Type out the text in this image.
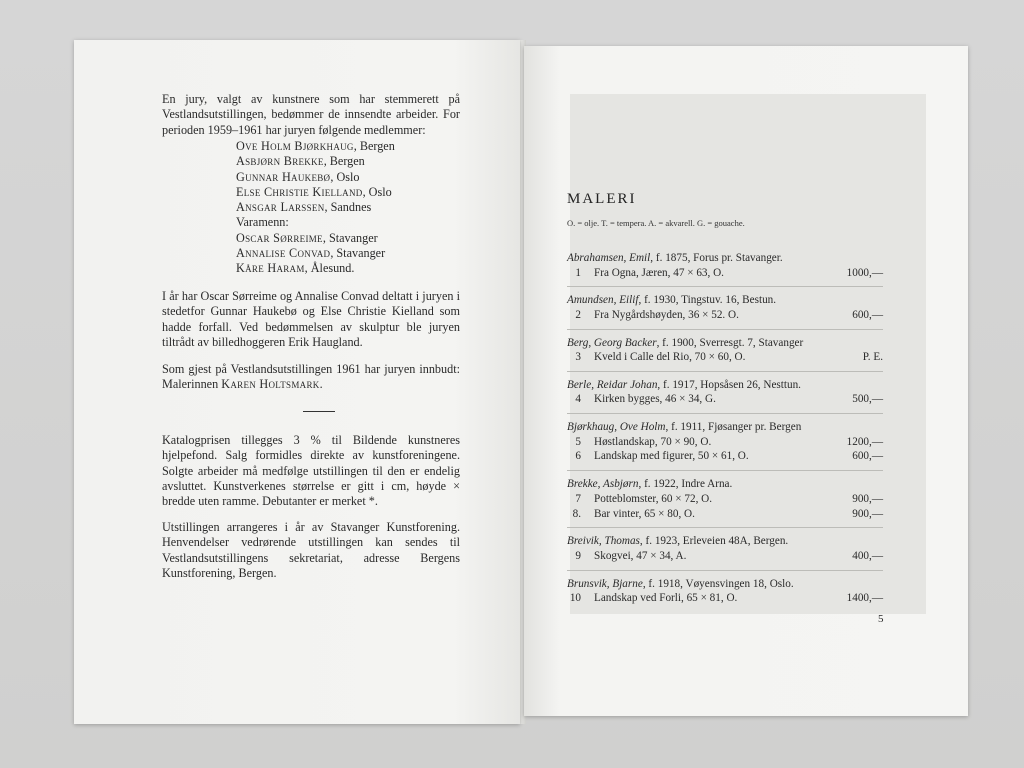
En jury, valgt av kunstnere som har stemmerett på Vestlandsutstillingen, bedømmer de innsendte arbeider. For perioden 1959–1961 har juryen følgende medlemmer:
Ove Holm Bjørkhaug, Bergen
Asbjørn Brekke, Bergen
Gunnar Haukebø, Oslo
Else Christie Kielland, Oslo
Ansgar Larssen, Sandnes
Varamenn:
Oscar Sørreime, Stavanger
Annalise Convad, Stavanger
Kåre Haram, Ålesund.
I år har Oscar Sørreime og Annalise Convad deltatt i juryen i stedetfor Gunnar Haukebø og Else Christie Kielland som hadde forfall. Ved bedømmelsen av skulptur ble juryen tiltrådt av billedhoggeren Erik Haugland.
Som gjest på Vestlandsutstillingen 1961 har juryen innbudt: Malerinnen Karen Holtsmark.
Katalogprisen tillegges 3 % til Bildende kunstneres hjelpefond. Salg formidles direkte av kunstforeningene. Solgte arbeider må medfølge utstillingen til den er endelig avsluttet. Kunstverkenes størrelse er gitt i cm, høyde × bredde uten ramme. Debutanter er merket *.
Utstillingen arrangeres i år av Stavanger Kunstforening. Henvendelser vedrørende utstillingen kan sendes til Vestlandsutstillingens sekretariat, adresse Bergens Kunstforening, Bergen.
MALERI
O. = olje. T. = tempera. A. = akvarell. G. = gouache.

Abrahamsen, Emil, f. 1875, Forus pr. Stavanger.

1 Fra Ogna, Jæren, 47 × 63, O.	1000,—

Amundsen, Eilif, f. 1930, Tingstuv. 16, Bestun.

2 Fra Nygårdshøyden, 36 × 52. O.	600,—

Berg, Georg Backer, f. 1900, Sverresgt. 7, Stavanger

3 Kveld i Calle del Rio, 70 × 60, O.	P. E.

Berle, Reidar Johan, f. 1917, Hopsåsen 26, Nesttun.

4 Kirken bygges, 46 × 34, G.	500,—

Bjørkhaug, Ove Holm, f. 1911, Fjøsanger pr. Bergen

5 Høstlandskap, 70 × 90, O.	1200,—
6 Landskap med figurer, 50 × 61, O.	600,—

Brekke, Asbjørn, f. 1922, Indre Arna.

7 Potteblomster, 60 × 72, O.	900,—
8. Bar vinter, 65 × 80, O.	900,—

Breivik, Thomas, f. 1923, Erleveien 48A, Bergen.

9 Skogvei, 47 × 34, A.	400,—

Brunsvik, Bjarne, f. 1918, Vøyensvingen 18, Oslo.

10 Landskap ved Forli, 65 × 81, O.	1400,—
5
